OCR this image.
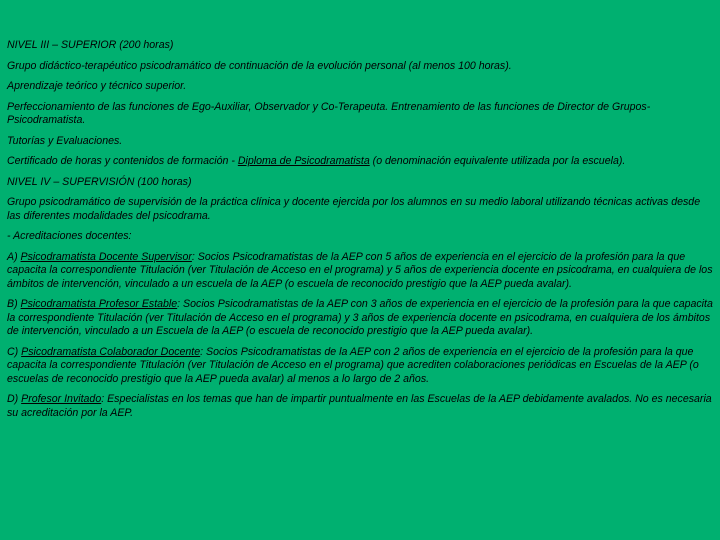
NIVEL III – SUPERIOR (200 horas)

Grupo didáctico-terapéutico psicodramático de continuación de la evolución personal (al menos 100 horas).

Aprendizaje teórico y técnico superior.

Perfeccionamiento de las funciones de Ego-Auxiliar, Observador y Co-Terapeuta. Entrenamiento de las funciones de Director de Grupos-Psicodramatista.

Tutorías y Evaluaciones.

Certificado de horas y contenidos de formación - Diploma de Psicodramatista (o denominación equivalente utilizada por la escuela).

NIVEL IV – SUPERVISIÓN (100 horas)

Grupo psicodramático de supervisión de la práctica clínica y docente ejercida por los alumnos en su medio laboral utilizando técnicas activas desde las diferentes modalidades del psicodrama.

- Acreditaciones docentes:

A) Psicodramatista Docente Supervisor: Socios Psicodramatistas de la AEP con 5 años de experiencia en el ejercicio de la profesión para la que capacita la correspondiente Titulación (ver Titulación de Acceso en el programa) y 5 años de experiencia docente en psicodrama, en cualquiera de los ámbitos de intervención, vinculado a un escuela de la AEP (o escuela de reconocido prestigio que la AEP pueda avalar).

B) Psicodramatista Profesor Estable: Socios Psicodramatistas de la AEP con 3 años de experiencia en el ejercicio de la profesión para la que capacita la correspondiente Titulación (ver Titulación de Acceso en el programa) y 3 años de experiencia docente en psicodrama, en cualquiera de los ámbitos de intervención, vinculado a un Escuela de la AEP (o escuela de reconocido prestigio que la AEP pueda avalar).

C) Psicodramatista Colaborador Docente: Socios Psicodramatistas de la AEP con 2 años de experiencia en el ejercicio de la profesión para la que capacita la correspondiente Titulación (ver Titulación de Acceso en el programa) que acrediten colaboraciones periódicas en Escuelas de la AEP (o escuelas de reconocido prestigio que la AEP pueda avalar) al menos a lo largo de 2 años.

D) Profesor Invitado: Especialistas en los temas que han de impartir puntualmente en las Escuelas de la AEP debidamente avalados. No es necesaria su acreditación por la AEP.
